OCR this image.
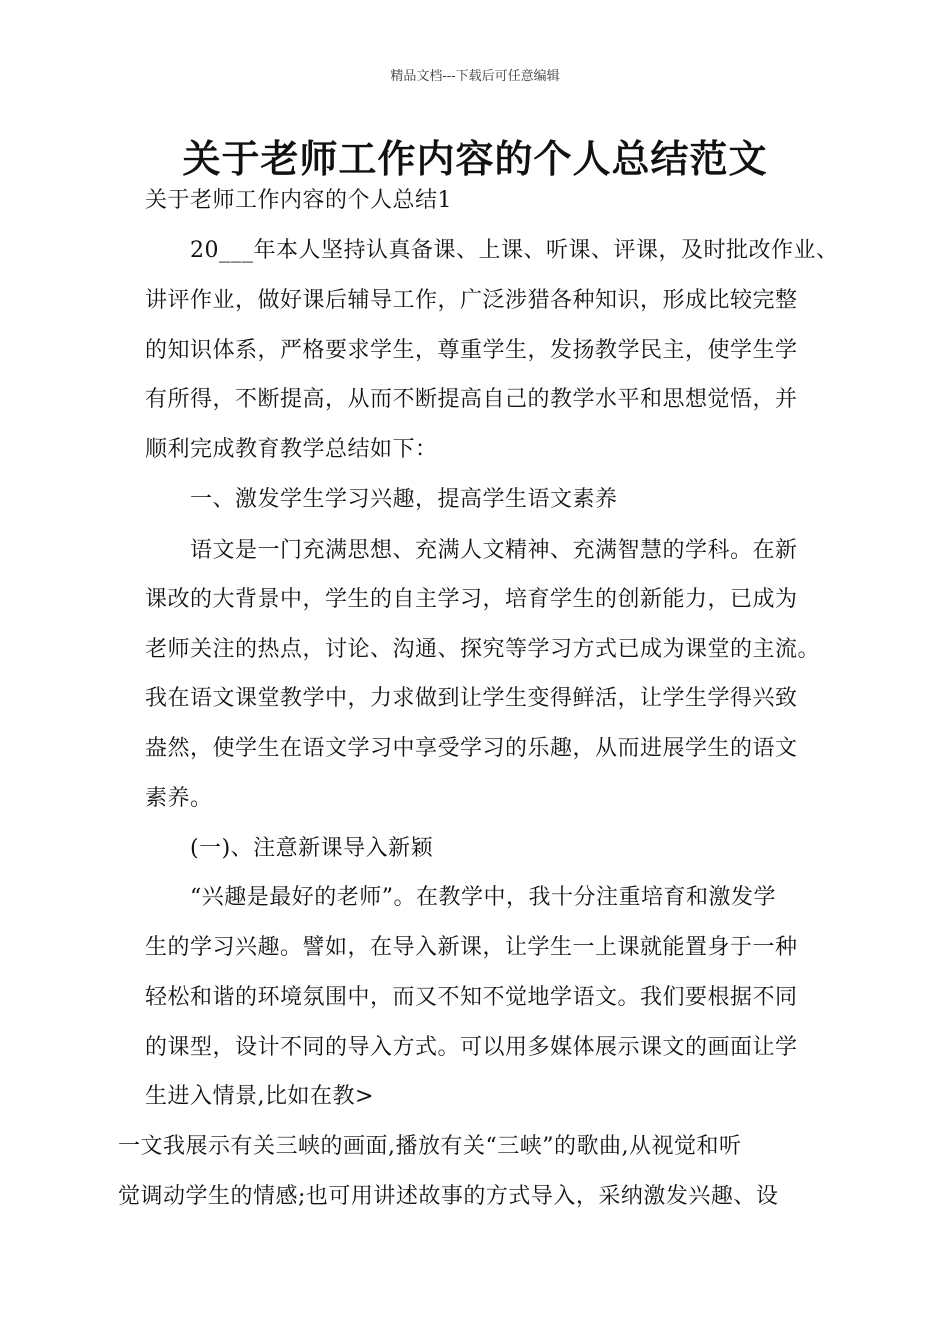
精品文档---下载后可任意编辑
关于老师工作内容的个人总结范文
关于老师工作内容的个人总结1
20___年本人坚持认真备课、上课、听课、评课，及时批改作业、
讲评作业，做好课后辅导工作，广泛涉猎各种知识，形成比较完整
的知识体系，严格要求学生，尊重学生，发扬教学民主，使学生学
有所得，不断提高，从而不断提高自己的教学水平和思想觉悟，并
顺利完成教育教学总结如下：
一、激发学生学习兴趣，提高学生语文素养
语文是一门充满思想、充满人文精神、充满智慧的学科。在新
课改的大背景中，学生的自主学习，培育学生的创新能力，已成为
老师关注的热点，讨论、沟通、探究等学习方式已成为课堂的主流。
我在语文课堂教学中，力求做到让学生变得鲜活，让学生学得兴致
盎然，使学生在语文学习中享受学习的乐趣，从而进展学生的语文
素养。
(一)、注意新课导入新颖
“兴趣是最好的老师”。在教学中，我十分注重培育和激发学
生的学习兴趣。譬如，在导入新课，让学生一上课就能置身于一种
轻松和谐的环境氛围中，而又不知不觉地学语文。我们要根据不同
的课型，设计不同的导入方式。可以用多媒体展示课文的画面让学
生进入情景,比如在教>
一文我展示有关三峡的画面,播放有关“三峡”的歌曲,从视觉和听
觉调动学生的情感;也可用讲述故事的方式导入，采纳激发兴趣、设
